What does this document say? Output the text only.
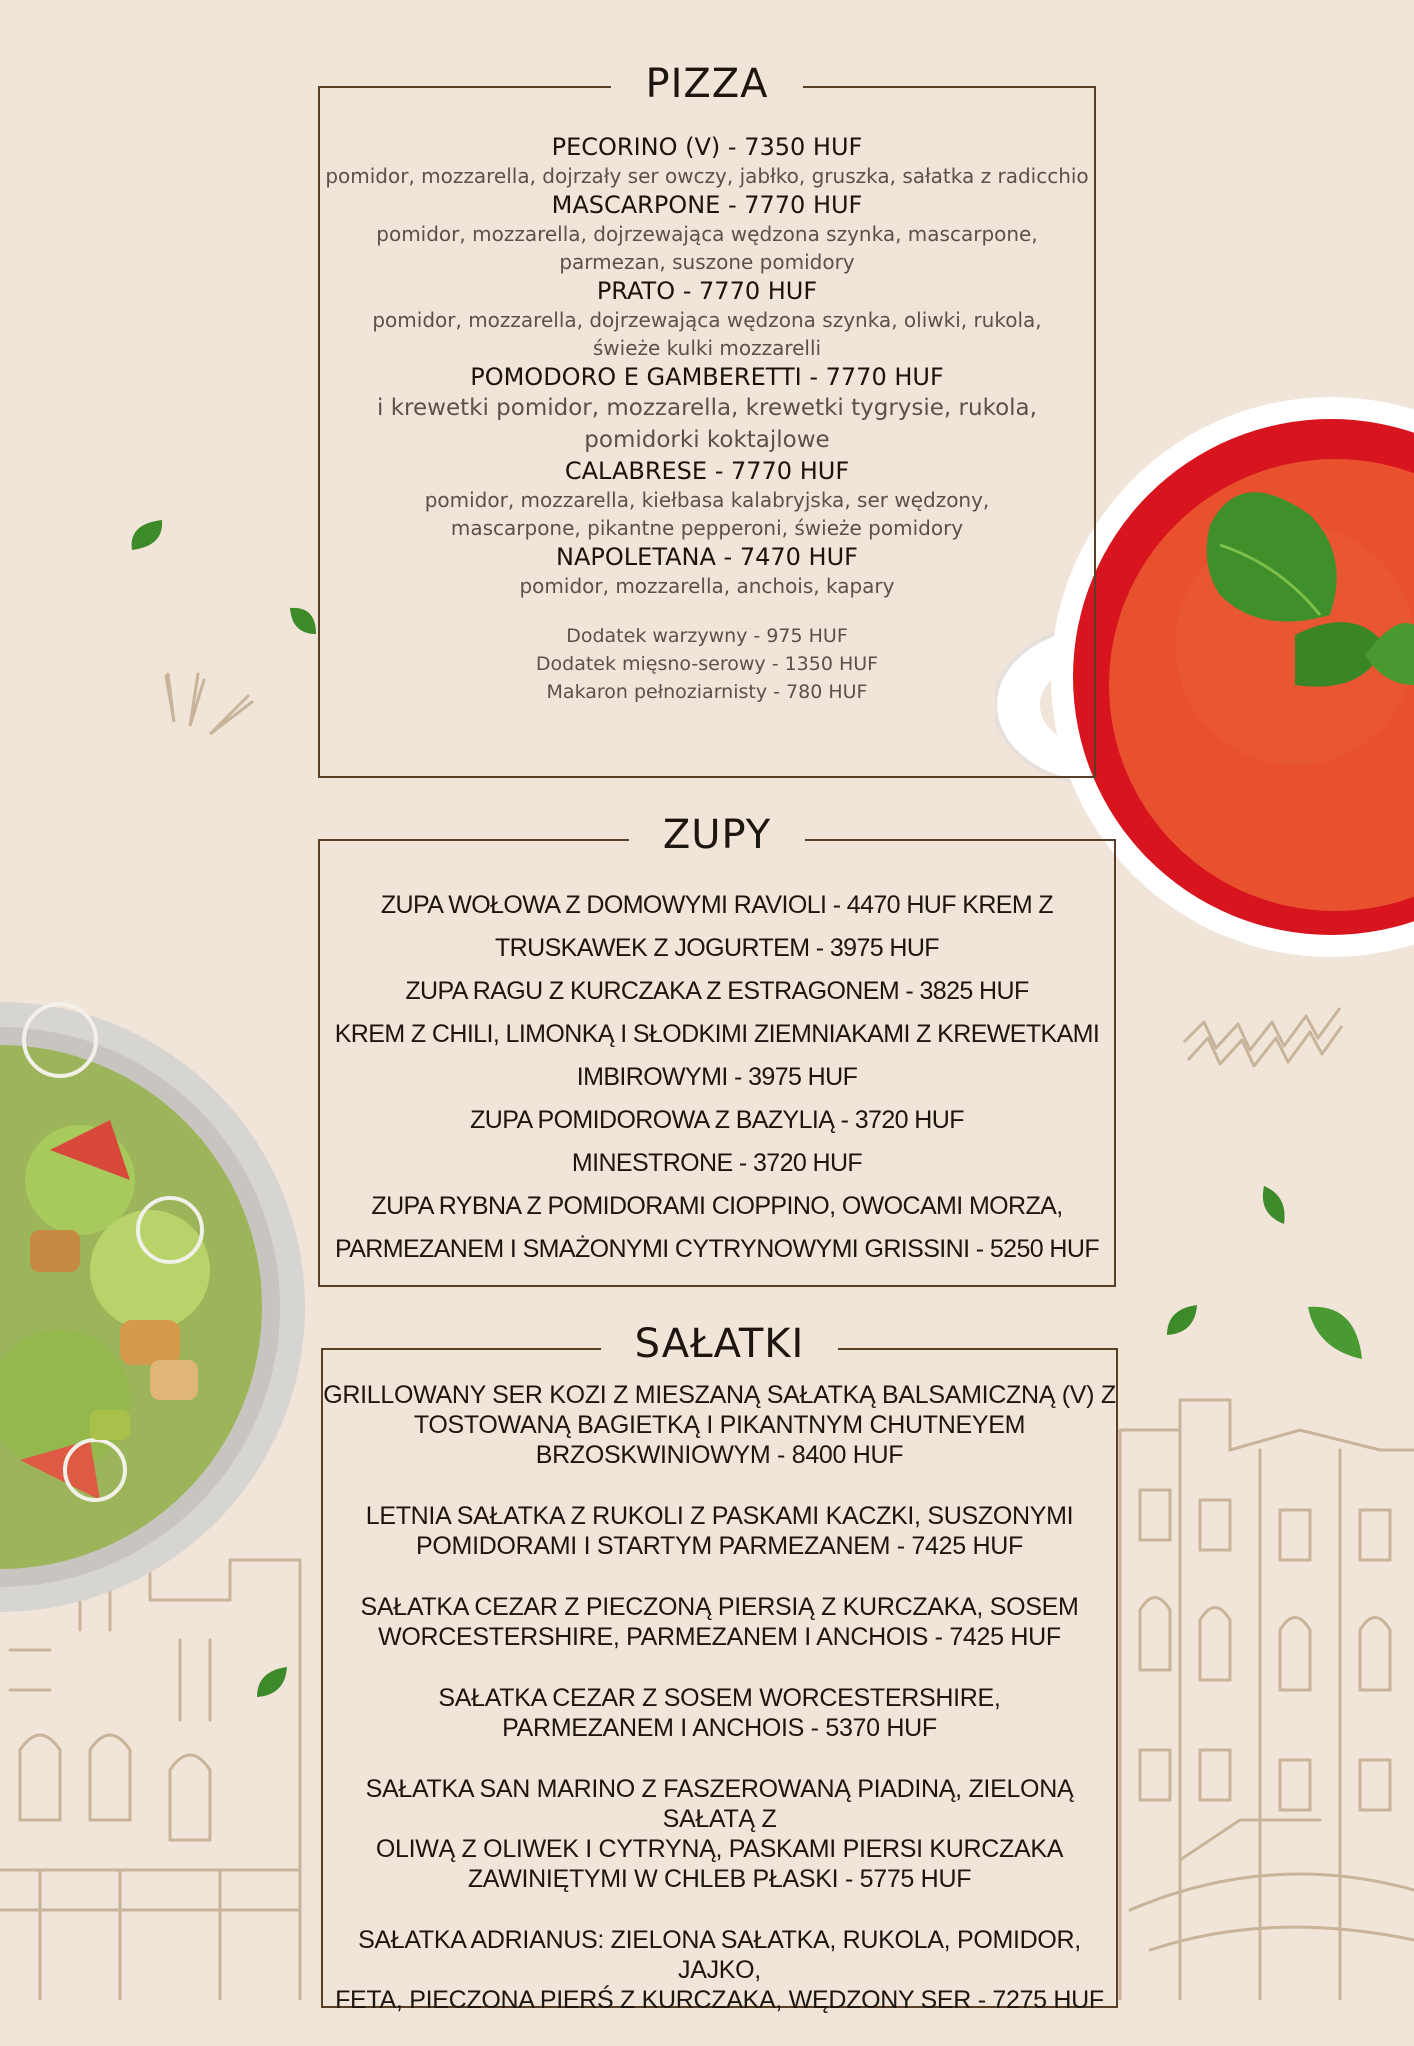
PIZZA
PECORINO (V) - 7350 HUF
pomidor, mozzarella, dojrzały ser owczy, jabłko, gruszka, sałatka z radicchio
MASCARPONE - 7770 HUF
pomidor, mozzarella, dojrzewająca wędzona szynka, mascarpone, parmezan, suszone pomidory
PRATO - 7770 HUF
pomidor, mozzarella, dojrzewająca wędzona szynka, oliwki, rukola, świeże kulki mozzarelli
POMODORO E GAMBERETTI - 7770 HUF
i krewetki pomidor, mozzarella, krewetki tygrysie, rukola, pomidorki koktajlowe
CALABRESE - 7770 HUF
pomidor, mozzarella, kiełbasa kalabryjska, ser wędzony, mascarpone, pikantne pepperoni, świeże pomidory
NAPOLETANA - 7470 HUF
pomidor, mozzarella, anchois, kapary
Dodatek warzywny - 975 HUF
Dodatek mięsno-serowy - 1350 HUF
Makaron pełnoziarnisty - 780 HUF
ZUPY
ZUPA WOŁOWA Z DOMOWYMI RAVIOLI - 4470 HUF KREM Z
TRUSKAWEK Z JOGURTEM - 3975 HUF
ZUPA RAGU Z KURCZAKA Z ESTRAGONEM - 3825 HUF
KREM Z CHILI, LIMONKĄ I SŁODKIMI ZIEMNIAKAMI Z KREWETKAMI
IMBIROWYMI - 3975 HUF
ZUPA POMIDOROWA Z BAZYLIĄ - 3720 HUF
MINESTRONE - 3720 HUF
ZUPA RYBNA Z POMIDORAMI CIOPPINO, OWOCAMI MORZA,
PARMEZANEM I SMAŻONYMI CYTRYNOWYMI GRISSINI - 5250 HUF
SAŁATKI
GRILLOWANY SER KOZI Z MIESZANĄ SAŁATKĄ BALSAMICZNĄ (V) Z
TOSTOWANĄ BAGIETKĄ I PIKANTNYM CHUTNEYEM
BRZOSKWINIOWYM - 8400 HUF
LETNIA SAŁATKA Z RUKOLI Z PASKAMI KACZKI, SUSZONYMI
POMIDORAMI I STARTYM PARMEZANEM - 7425 HUF
SAŁATKA CEZAR Z PIECZONĄ PIERSIĄ Z KURCZAKA, SOSEM
WORCESTERSHIRE, PARMEZANEM I ANCHOIS - 7425 HUF
SAŁATKA CEZAR Z SOSEM WORCESTERSHIRE,
PARMEZANEM I ANCHOIS - 5370 HUF
SAŁATKA SAN MARINO Z FASZEROWANĄ PIADINĄ, ZIELONĄ SAŁATĄ Z
OLIWĄ Z OLIWEK I CYTRYNĄ, PASKAMI PIERSI KURCZAKA
ZAWINIĘTYMI W CHLEB PŁASKI - 5775 HUF
SAŁATKA ADRIANUS: ZIELONA SAŁATKA, RUKOLA, POMIDOR, JAJKO,
FETA, PIECZONA PIERŚ Z KURCZAKA, WĘDZONY SER - 7275 HUF
